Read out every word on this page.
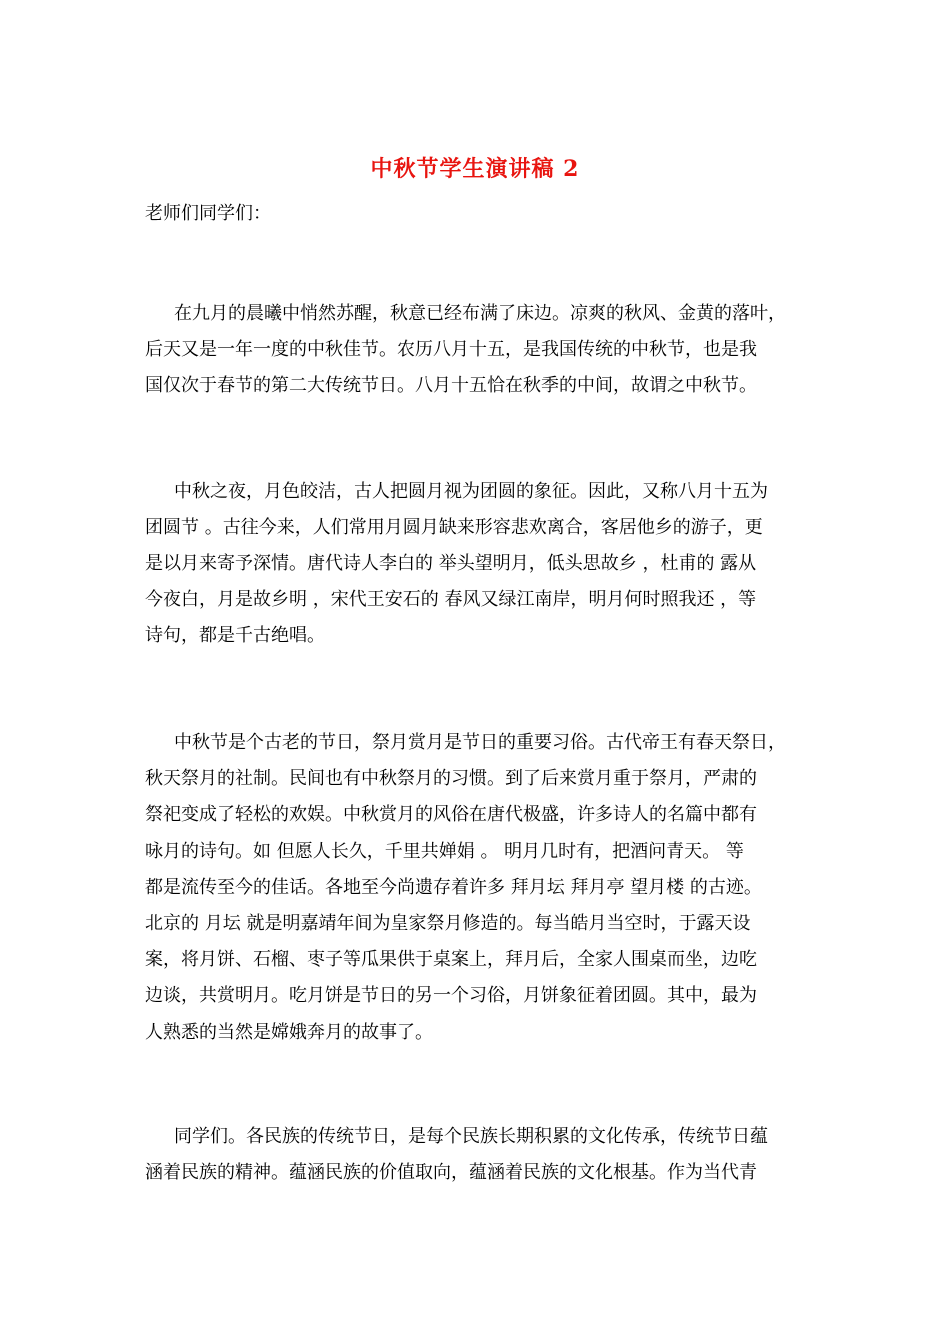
中秋节学生演讲稿 2
老师们同学们：
在九月的晨曦中悄然苏醒，秋意已经布满了床边。凉爽的秋风、金黄的落叶，
后天又是一年一度的中秋佳节。农历八月十五，是我国传统的中秋节，也是我
国仅次于春节的第二大传统节日。八月十五恰在秋季的中间，故谓之中秋节。
中秋之夜，月色皎洁，古人把圆月视为团圆的象征。因此，又称八月十五为
团圆节 。古往今来，人们常用月圆月缺来形容悲欢离合，客居他乡的游子，更
是以月来寄予深情。唐代诗人李白的 举头望明月，低头思故乡 ，杜甫的 露从
今夜白，月是故乡明 ，宋代王安石的 春风又绿江南岸，明月何时照我还 ，等
诗句，都是千古绝唱。
中秋节是个古老的节日，祭月赏月是节日的重要习俗。古代帝王有春天祭日，
秋天祭月的社制。民间也有中秋祭月的习惯。到了后来赏月重于祭月，严肃的
祭祀变成了轻松的欢娱。中秋赏月的风俗在唐代极盛，许多诗人的名篇中都有
咏月的诗句。如 但愿人长久，千里共婵娟 。 明月几时有，把酒问青天。 等
都是流传至今的佳话。各地至今尚遗存着许多 拜月坛 拜月亭 望月楼 的古迹。
北京的 月坛 就是明嘉靖年间为皇家祭月修造的。每当皓月当空时，于露天设
案，将月饼、石榴、枣子等瓜果供于桌案上，拜月后，全家人围桌而坐，边吃
边谈，共赏明月。吃月饼是节日的另一个习俗，月饼象征着团圆。其中，最为
人熟悉的当然是嫦娥奔月的故事了。
同学们。各民族的传统节日，是每个民族长期积累的文化传承，传统节日蕴
涵着民族的精神。蕴涵民族的价值取向，蕴涵着民族的文化根基。作为当代青
